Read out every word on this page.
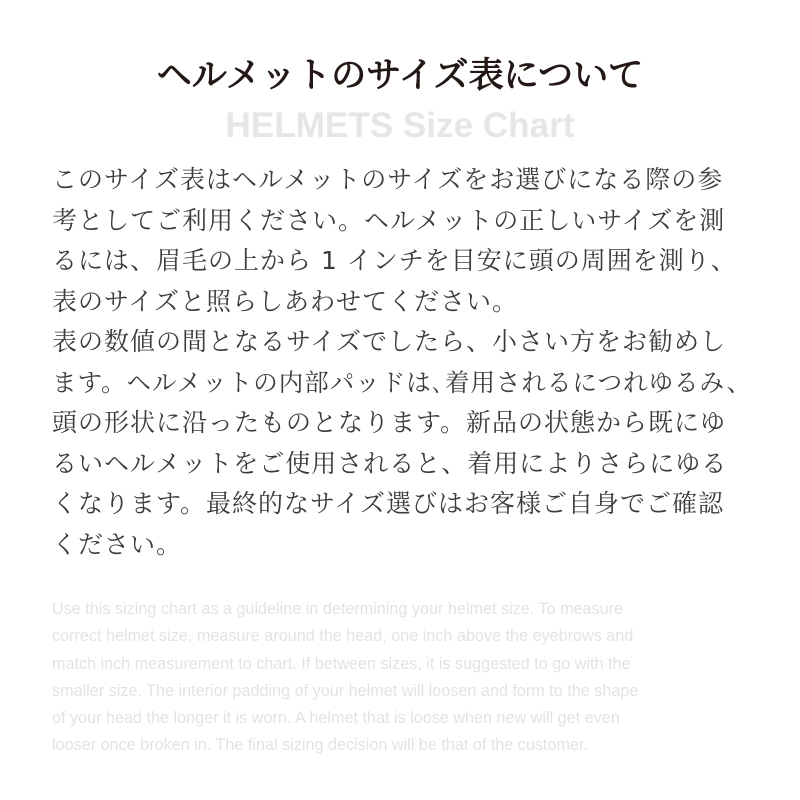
ヘルメットのサイズ表について
HELMETS Size Chart
このサイズ表はヘルメットのサイズをお選びになる際の参
考としてご利用ください。ヘルメットの正しいサイズを測
るには、眉毛の上から 1 インチを目安に頭の周囲を測り、
表のサイズと照らしあわせてください。
表の数値の間となるサイズでしたら、小さい方をお勧めし
ます。ヘルメットの内部パッドは､着用されるにつれゆるみ、
頭の形状に沿ったものとなります。新品の状態から既にゆ
るいヘルメットをご使用されると、着用によりさらにゆる
くなります。最終的なサイズ選びはお客様ご自身でご確認
ください。
Use this sizing chart as a guideline in determining your helmet size. To measure
correct helmet size, measure around the head, one inch above the eyebrows and
match inch measurement to chart. If between sizes, it is suggested to go with the
smaller size. The interior padding of your helmet will loosen and form to the shape
of your head the longer it is worn. A helmet that is loose when new will get even
looser once broken in. The final sizing decision will be that of the customer.
